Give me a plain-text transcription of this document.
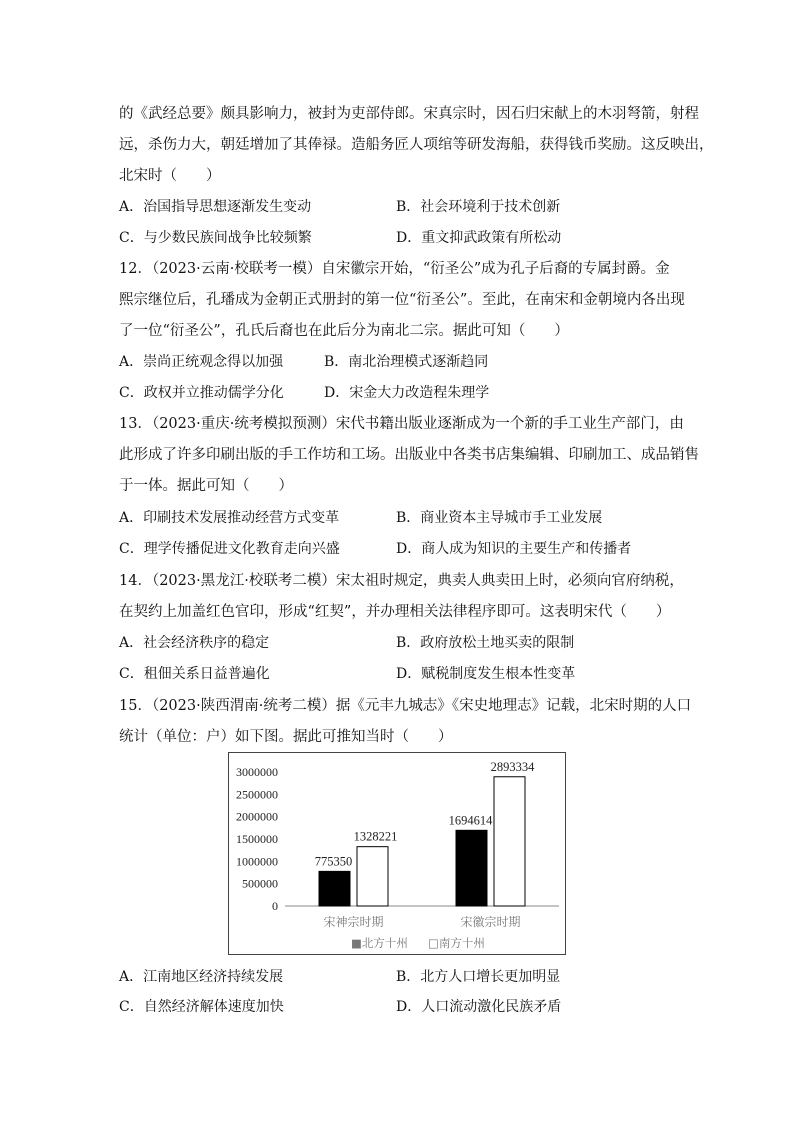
的《武经总要》颇具影响力，被封为吏部侍郎。宋真宗时，因石归宋献上的木羽弩箭，射程
远，杀伤力大，朝廷增加了其俸禄。造船务匠人项绾等研发海船，获得钱币奖励。这反映出，
北宋时（　　）
A．治国指导思想逐渐发生变动	B．社会环境利于技术创新
C．与少数民族间战争比较频繁	D．重文抑武政策有所松动
12．（2023·云南·校联考一模）自宋徽宗开始，“衍圣公”成为孔子后裔的专属封爵。金
熙宗继位后，孔璠成为金朝正式册封的第一位“衍圣公”。至此，在南宋和金朝境内各出现
了一位“衍圣公”，孔氏后裔也在此后分为南北二宗。据此可知（　　）
A．崇尚正统观念得以加强	B．南北治理模式逐渐趋同
C．政权并立推动儒学分化	D．宋金大力改造程朱理学
13．（2023·重庆·统考模拟预测）宋代书籍出版业逐渐成为一个新的手工业生产部门，由
此形成了许多印刷出版的手工作坊和工场。出版业中各类书店集编辑、印刷加工、成品销售
于一体。据此可知（　　）
A．印刷技术发展推动经营方式变革	B．商业资本主导城市手工业发展
C．理学传播促进文化教育走向兴盛	D．商人成为知识的主要生产和传播者
14．（2023·黑龙江·校联考二模）宋太祖时规定，典卖人典卖田上时，必须向官府纳税，
在契约上加盖红色官印，形成“红契”，并办理相关法律程序即可。这表明宋代（　　）
A．社会经济秩序的稳定	B．政府放松土地买卖的限制
C．租佃关系日益普遍化	D．赋税制度发生根本性变革
15．（2023·陕西渭南·统考二模）据《元丰九城志》《宋史地理志》记载，北宋时期的人口
统计（单位：户）如下图。据此可推知当时（　　）
0
500000
1000000
1500000
2000000
2500000
3000000
775350
1328221
宋神宗时期
1694614
2893334
宋徽宗时期
■北方十州 □南方十州
A．江南地区经济持续发展	B．北方人口增长更加明显
C．自然经济解体速度加快	D．人口流动激化民族矛盾
